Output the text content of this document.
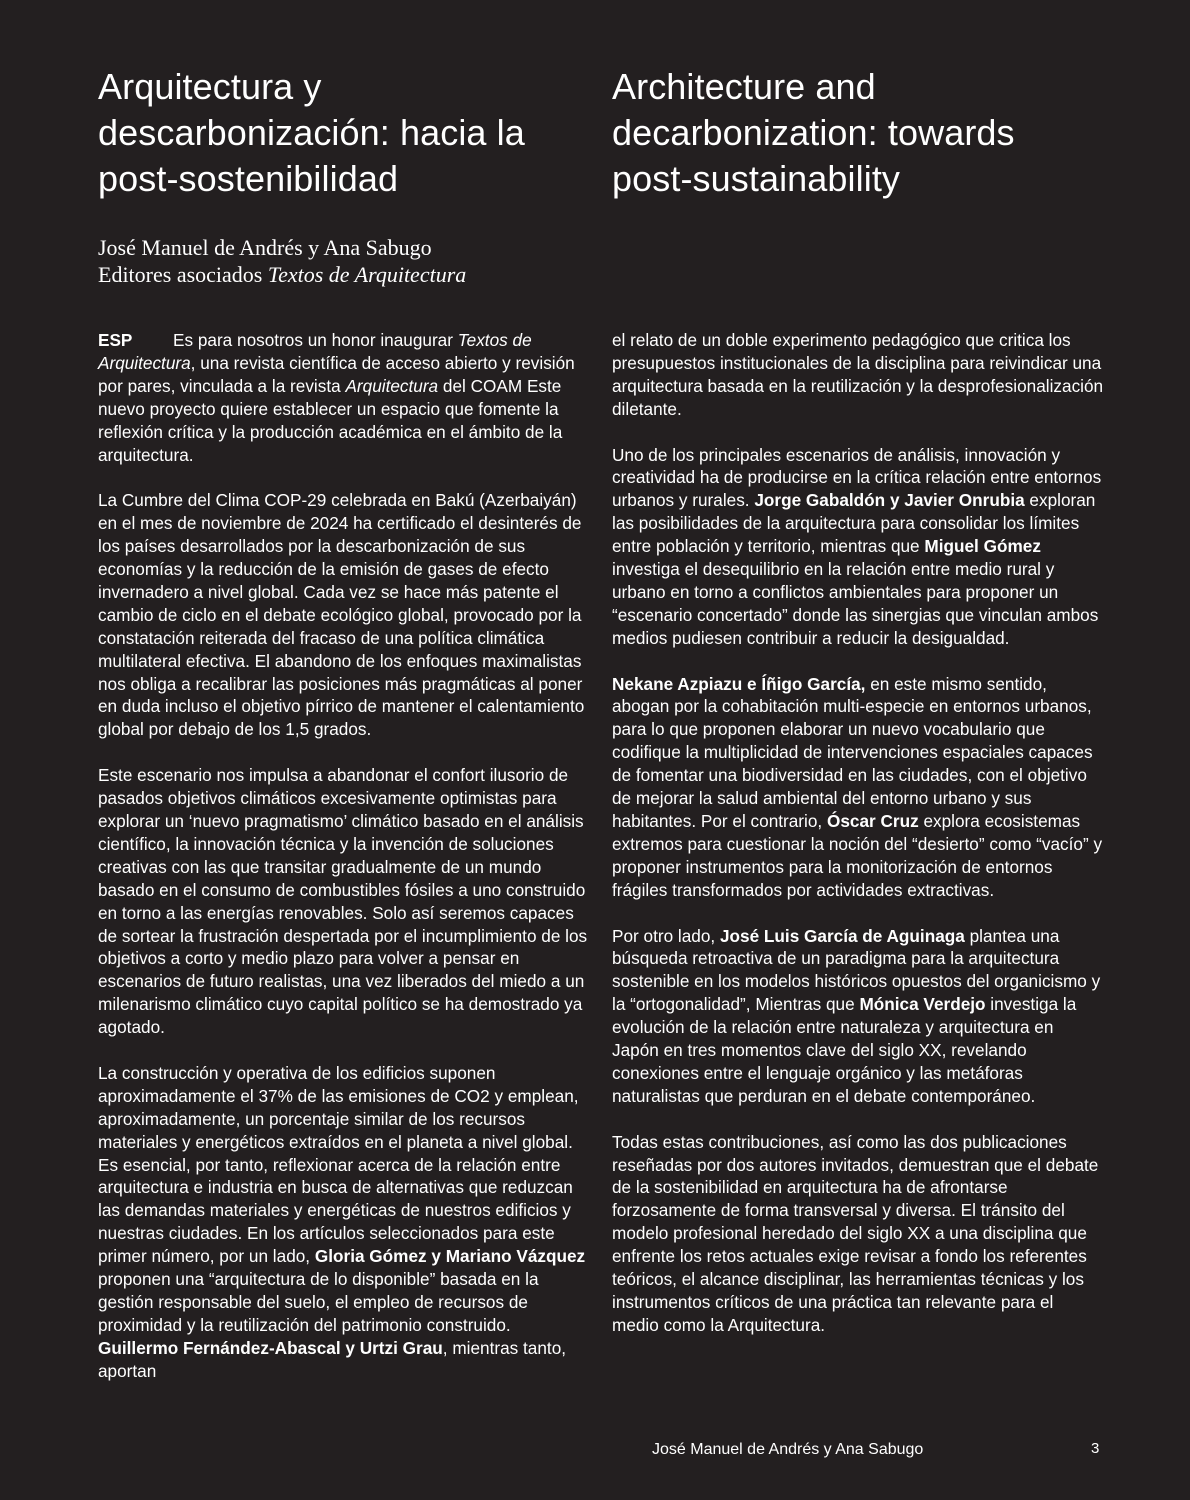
Arquitectura y descarbonización: hacia la post-sostenibilidad
Architecture and decarbonization: towards post-sustainability
José Manuel de Andrés y Ana Sabugo
Editores asociados Textos de Arquitectura

ESP Es para nosotros un honor inaugurar Textos de Arquitectura, una revista científica de acceso abierto y revisión por pares, vinculada a la revista Arquitectura del COAM Este nuevo proyecto quiere establecer un espacio que fomente la reflexión crítica y la producción académica en el ámbito de la arquitectura.

La Cumbre del Clima COP-29 celebrada en Bakú (Azerbaiyán) en el mes de noviembre de 2024 ha certificado el desinterés de los países desarrollados por la descarbonización de sus economías y la reducción de la emisión de gases de efecto invernadero a nivel global. Cada vez se hace más patente el cambio de ciclo en el debate ecológico global, provocado por la constatación reiterada del fracaso de una política climática multilateral efectiva. El abandono de los enfoques maximalistas nos obliga a recalibrar las posiciones más pragmáticas al poner en duda incluso el objetivo pírrico de mantener el calentamiento global por debajo de los 1,5 grados.

Este escenario nos impulsa a abandonar el confort ilusorio de pasados objetivos climáticos excesivamente optimistas para explorar un ‘nuevo pragmatismo’ climático basado en el análisis científico, la innovación técnica y la invención de soluciones creativas con las que transitar gradualmente de un mundo basado en el consumo de combustibles fósiles a uno construido en torno a las energías renovables. Solo así seremos capaces de sortear la frustración despertada por el incumplimiento de los objetivos a corto y medio plazo para volver a pensar en escenarios de futuro realistas, una vez liberados del miedo a un milenarismo climático cuyo capital político se ha demostrado ya agotado.

La construcción y operativa de los edificios suponen aproximadamente el 37% de las emisiones de CO2 y emplean, aproximadamente, un porcentaje similar de los recursos materiales y energéticos extraídos en el planeta a nivel global. Es esencial, por tanto, reflexionar acerca de la relación entre arquitectura e industria en busca de alternativas que reduzcan las demandas materiales y energéticas de nuestros edificios y nuestras ciudades. En los artículos seleccionados para este primer número, por un lado, Gloria Gómez y Mariano Vázquez proponen una “arquitectura de lo disponible” basada en la gestión responsable del suelo, el empleo de recursos de proximidad y la reutilización del patrimonio construido. Guillermo Fernández-Abascal y Urtzi Grau, mientras tanto, aportan

el relato de un doble experimento pedagógico que critica los presupuestos institucionales de la disciplina para reivindicar una arquitectura basada en la reutilización y la desprofesionalización diletante.

Uno de los principales escenarios de análisis, innovación y creatividad ha de producirse en la crítica relación entre entornos urbanos y rurales. Jorge Gabaldón y Javier Onrubia exploran las posibilidades de la arquitectura para consolidar los límites entre población y territorio, mientras que Miguel Gómez investiga el desequilibrio en la relación entre medio rural y urbano en torno a conflictos ambientales para proponer un “escenario concertado” donde las sinergias que vinculan ambos medios pudiesen contribuir a reducir la desigualdad.

Nekane Azpiazu e Íñigo García, en este mismo sentido, abogan por la cohabitación multi-especie en entornos urbanos, para lo que proponen elaborar un nuevo vocabulario que codifique la multiplicidad de intervenciones espaciales capaces de fomentar una biodiversidad en las ciudades, con el objetivo de mejorar la salud ambiental del entorno urbano y sus habitantes. Por el contrario, Óscar Cruz explora ecosistemas extremos para cuestionar la noción del “desierto” como “vacío” y proponer instrumentos para la monitorización de entornos frágiles transformados por actividades extractivas.

Por otro lado, José Luis García de Aguinaga plantea una búsqueda retroactiva de un paradigma para la arquitectura sostenible en los modelos históricos opuestos del organicismo y la “ortogonalidad”, Mientras que Mónica Verdejo investiga la evolución de la relación entre naturaleza y arquitectura en Japón en tres momentos clave del siglo XX, revelando conexiones entre el lenguaje orgánico y las metáforas naturalistas que perduran en el debate contemporáneo.

Todas estas contribuciones, así como las dos publicaciones reseñadas por dos autores invitados, demuestran que el debate de la sostenibilidad en arquitectura ha de afrontarse forzosamente de forma transversal y diversa. El tránsito del modelo profesional heredado del siglo XX a una disciplina que enfrente los retos actuales exige revisar a fondo los referentes teóricos, el alcance disciplinar, las herramientas técnicas y los instrumentos críticos de una práctica tan relevante para el medio como la Arquitectura.

José Manuel de Andrés y Ana Sabugo	3
